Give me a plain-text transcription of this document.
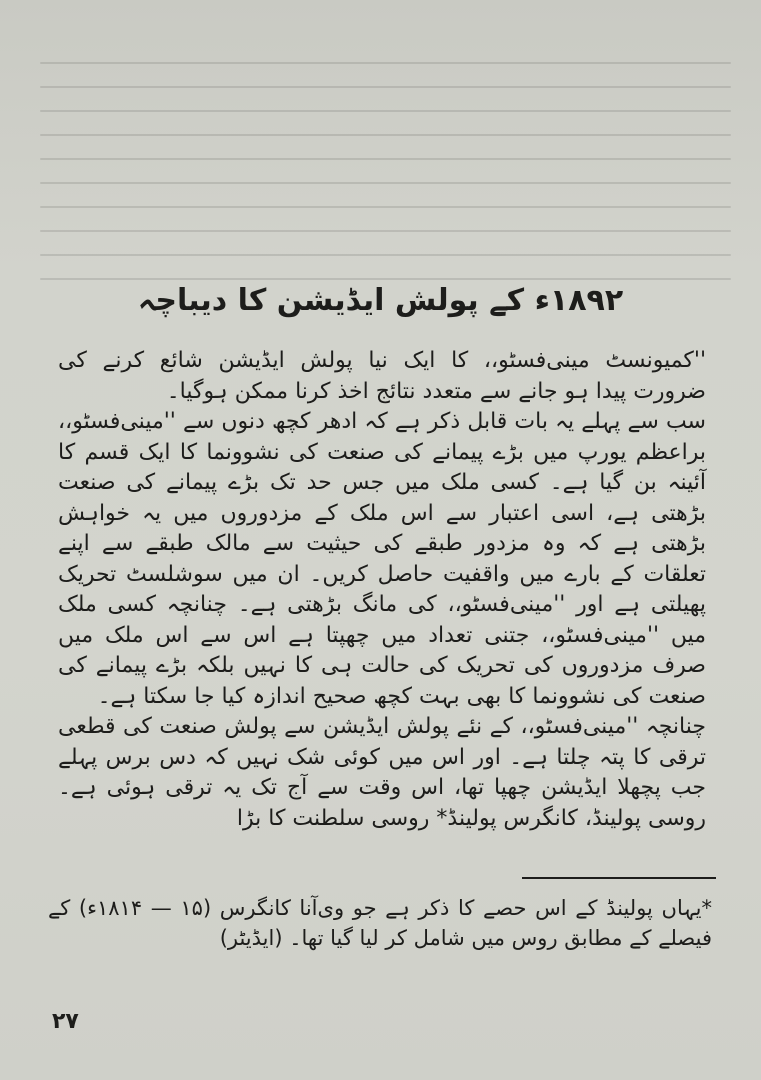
۱۸۹۲ء کے پولش ایڈیشن کا دیباچہ

''کمیونسٹ مینی‌فسٹو،، کا ایک نیا پولش ایڈیشن شائع کرنے کی ضرورت پیدا ہو جانے سے متعدد نتائج اخذ کرنا ممکن ہوگیا۔

سب سے پہلے یہ بات قابل ذکر ہے کہ ادھر کچھ دنوں سے ''مینی‌فسٹو،، براعظم یورپ میں بڑے پیمانے کی صنعت کی نشوونما کا ایک قسم کا آئینہ بن گیا ہے۔ کسی ملک میں جس حد تک بڑے پیمانے کی صنعت بڑھتی ہے، اسی اعتبار سے اس ملک کے مزدوروں میں یہ خواہش بڑھتی ہے کہ وہ مزدور طبقے کی حیثیت سے مالک طبقے سے اپنے تعلقات کے بارے میں واقفیت حاصل کریں۔ ان میں سوشلسٹ تحریک پھیلتی ہے اور ''مینی‌فسٹو،، کی مانگ بڑھتی ہے۔ چنانچہ کسی ملک میں ''مینی‌فسٹو،، جتنی تعداد میں چھپتا ہے اس سے اس ملک میں صرف مزدوروں کی تحریک کی حالت ہی کا نہیں بلکہ بڑے پیمانے کی صنعت کی نشوونما کا بھی بہت کچھ صحیح اندازہ کیا جا سکتا ہے۔

چنانچہ ''مینی‌فسٹو،، کے نئے پولش ایڈیشن سے پولش صنعت کی قطعی ترقی کا پتہ چلتا ہے۔ اور اس میں کوئی شک نہیں کہ دس برس پہلے جب پچھلا ایڈیشن چھپا تھا، اس وقت سے آج تک یہ ترقی ہوئی ہے۔ روسی پولینڈ، کانگرس پولینڈ* روسی سلطنت کا بڑا

*یہاں پولینڈ کے اس حصے کا ذکر ہے جو وی‌آنا کانگرس (۱۵ — ۱۸۱۴ء) کے فیصلے کے مطابق روس میں شامل کر لیا گیا تھا۔ (ایڈیٹر)
۲۷
